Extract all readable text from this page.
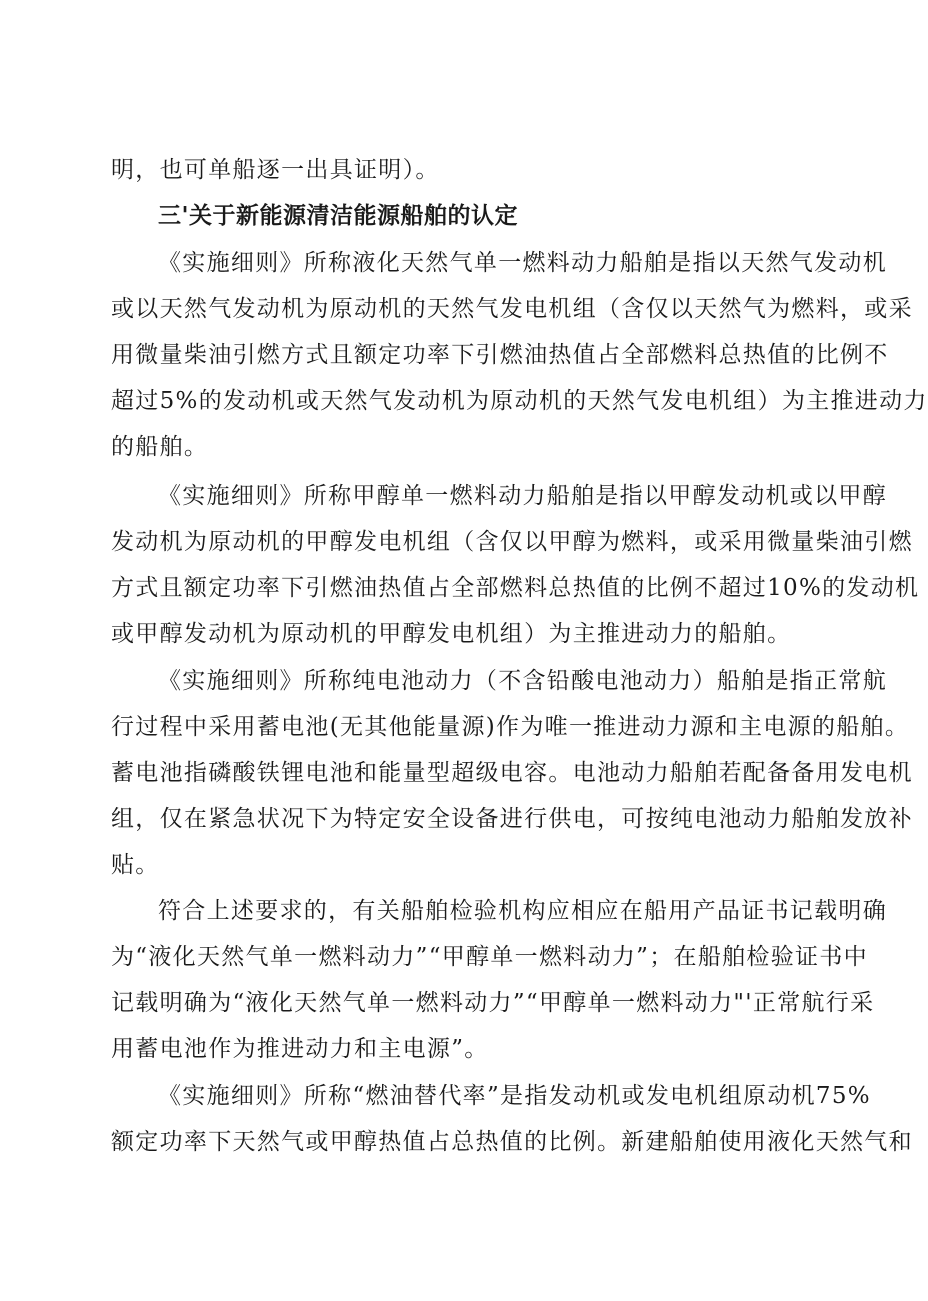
明，也可单船逐一出具证明）。
三'关于新能源清洁能源船舶的认定
《实施细则》所称液化天然气单一燃料动力船舶是指以天然气发动机
或以天然气发动机为原动机的天然气发电机组（含仅以天然气为燃料，或采
用微量柴油引燃方式且额定功率下引燃油热值占全部燃料总热值的比例不
超过5%的发动机或天然气发动机为原动机的天然气发电机组）为主推进动力
的船舶。
《实施细则》所称甲醇单一燃料动力船舶是指以甲醇发动机或以甲醇
发动机为原动机的甲醇发电机组（含仅以甲醇为燃料，或采用微量柴油引燃
方式且额定功率下引燃油热值占全部燃料总热值的比例不超过10%的发动机
或甲醇发动机为原动机的甲醇发电机组）为主推进动力的船舶。
《实施细则》所称纯电池动力（不含铅酸电池动力）船舶是指正常航
行过程中采用蓄电池(无其他能量源)作为唯一推进动力源和主电源的船舶。
蓄电池指磷酸铁锂电池和能量型超级电容。电池动力船舶若配备备用发电机
组，仅在紧急状况下为特定安全设备进行供电，可按纯电池动力船舶发放补
贴。
符合上述要求的，有关船舶检验机构应相应在船用产品证书记载明确
为“液化天然气单一燃料动力”“甲醇单一燃料动力”；在船舶检验证书中
记载明确为“液化天然气单一燃料动力”“甲醇单一燃料动力"'正常航行采
用蓄电池作为推进动力和主电源”。
《实施细则》所称“燃油替代率”是指发动机或发电机组原动机75%
额定功率下天然气或甲醇热值占总热值的比例。新建船舶使用液化天然气和
